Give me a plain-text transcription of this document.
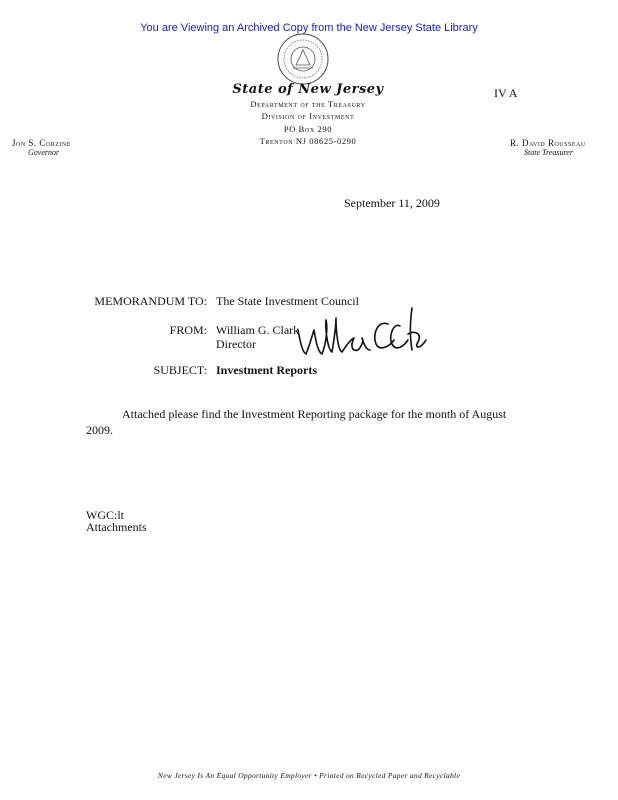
You are Viewing an Archived Copy from the New Jersey State Library
State of New Jersey
Department of the Treasury
Division of Investment
PO Box 290
Trenton NJ 08625-0290
IV A
Jon S. Corzine
Governor
R. David Rousseau
State Treasurer
September 11, 2009
MEMORANDUM TO: The State Investment Council
FROM: William G. Clark
Director
SUBJECT: Investment Reports
Attached please find the Investment Reporting package for the month of August 2009.
WGC:lt
Attachments
New Jersey Is An Equal Opportunity Employer • Printed on Recycled Paper and Recyclable
